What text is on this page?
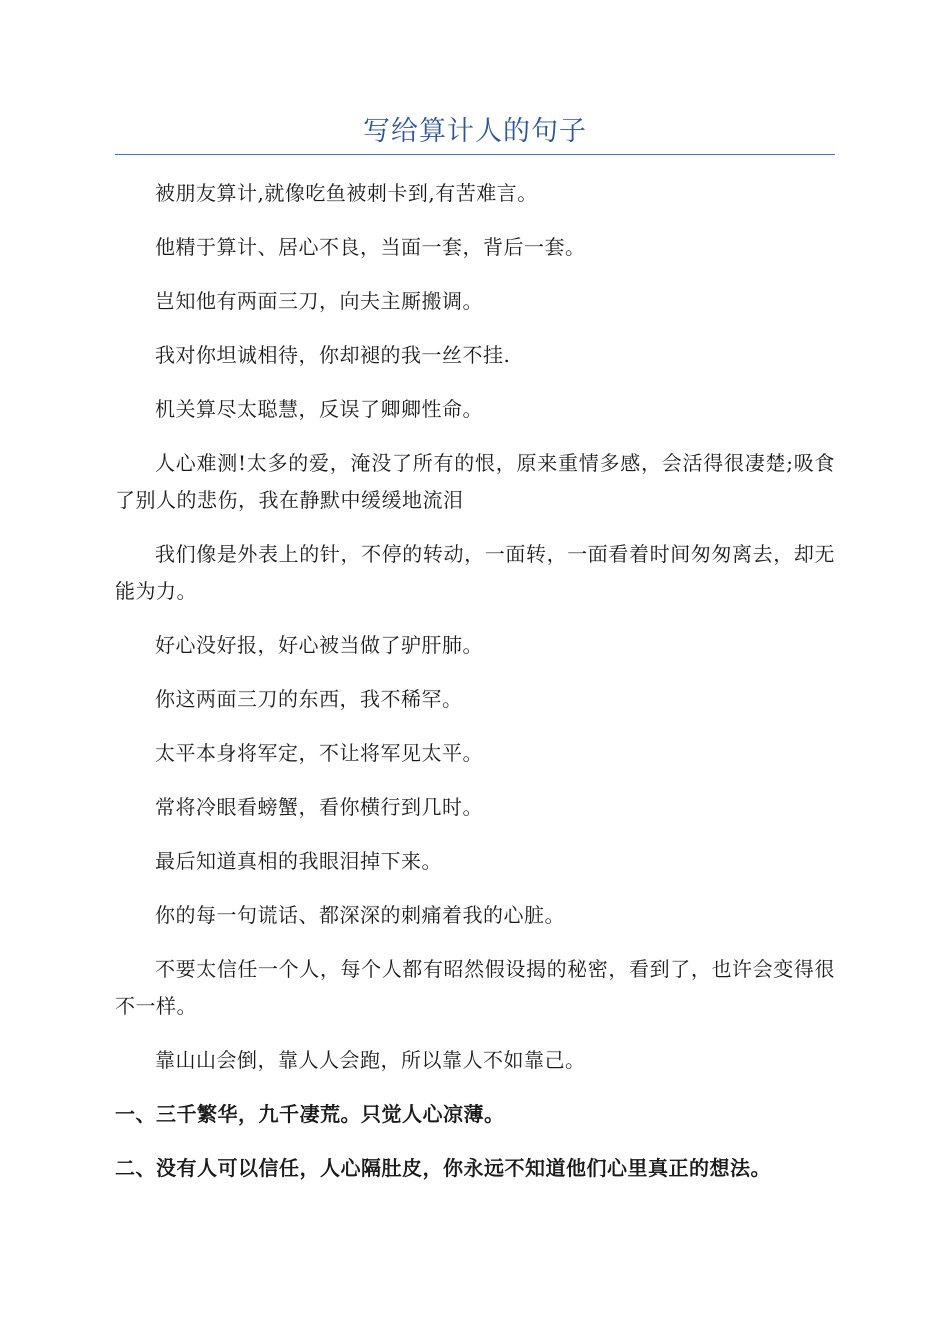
写给算计人的句子

被朋友算计,就像吃鱼被刺卡到,有苦难言。

他精于算计、居心不良，当面一套，背后一套。

岂知他有两面三刀，向夫主厮搬调。

我对你坦诚相待，你却褪的我一丝不挂.

机关算尽太聪慧，反误了卿卿性命。

人心难测!太多的爱，淹没了所有的恨，原来重情多感，会活得很凄楚;吸食了别人的悲伤，我在静默中缓缓地流泪

我们像是外表上的针，不停的转动，一面转，一面看着时间匆匆离去，却无能为力。

好心没好报，好心被当做了驴肝肺。

你这两面三刀的东西，我不稀罕。

太平本身将军定，不让将军见太平。

常将冷眼看螃蟹，看你横行到几时。

最后知道真相的我眼泪掉下来。

你的每一句谎话、都深深的刺痛着我的心脏。

不要太信任一个人，每个人都有昭然假设揭的秘密，看到了，也许会变得很不一样。

靠山山会倒，靠人人会跑，所以靠人不如靠己。

一、三千繁华，九千凄荒。只觉人心凉薄。

二、没有人可以信任，人心隔肚皮，你永远不知道他们心里真正的想法。
